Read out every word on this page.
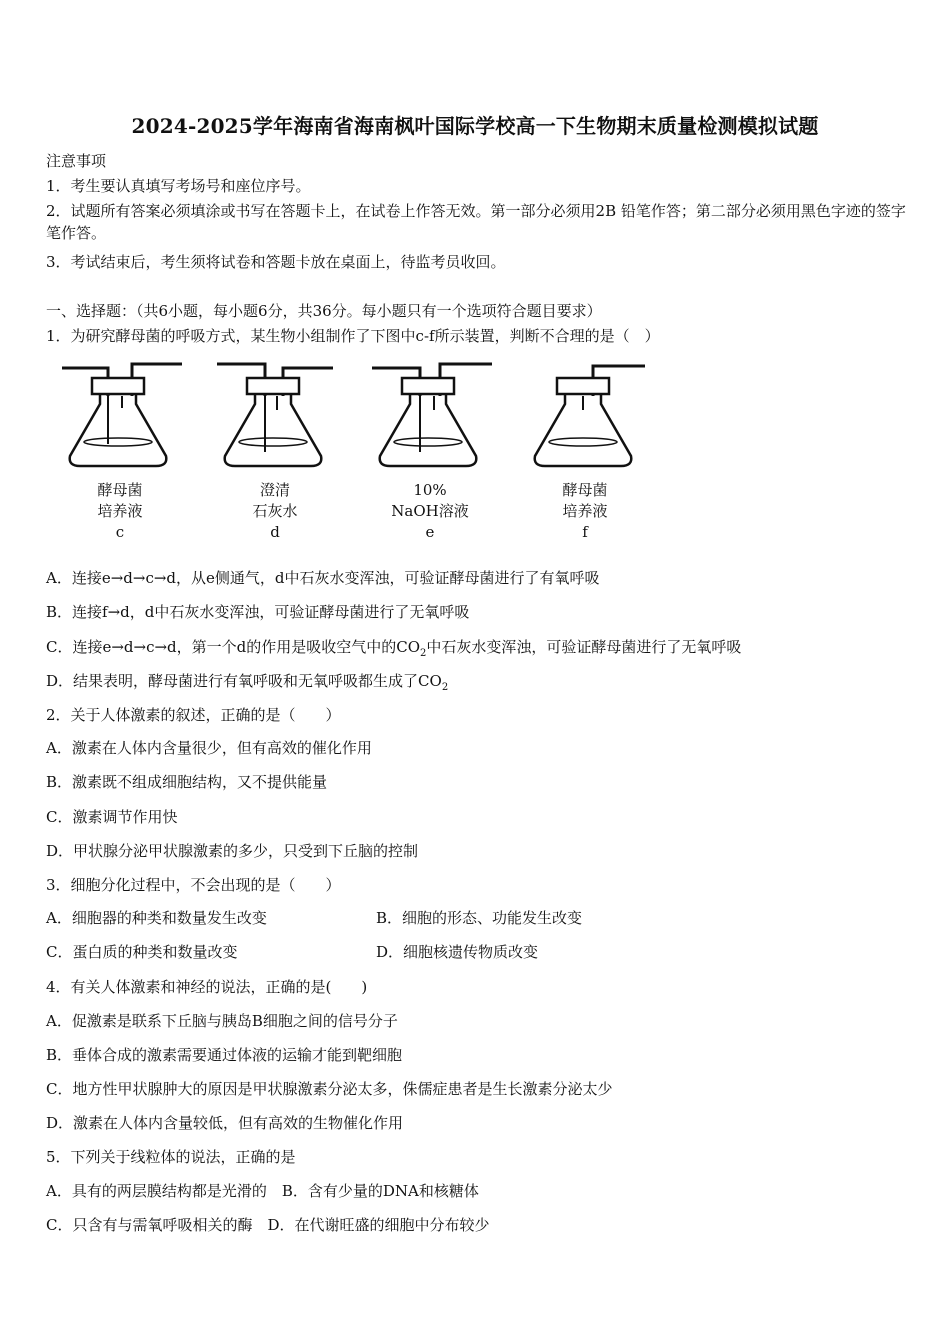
2024-2025学年海南省海南枫叶国际学校高一下生物期末质量检测模拟试题
注意事项
1．考生要认真填写考场号和座位序号。
2．试题所有答案必须填涂或书写在答题卡上，在试卷上作答无效。第一部分必须用2B 铅笔作答；第二部分必须用黑色字迹的签字笔作答。
3．考试结束后，考生须将试卷和答题卡放在桌面上，待监考员收回。
一、选择题：（共6小题，每小题6分，共36分。每小题只有一个选项符合题目要求）
1．为研究酵母菌的呼吸方式，某生物小组制作了下图中c-f所示装置，判断不合理的是（　）
酵母菌
培养液
c
澄清
石灰水
d
10%
NaOH溶液
e
酵母菌
培养液
f
A．连接e→d→c→d，从e侧通气，d中石灰水变浑浊，可验证酵母菌进行了有氧呼吸
B．连接f→d，d中石灰水变浑浊，可验证酵母菌进行了无氧呼吸
C．连接e→d→c→d，第一个d的作用是吸收空气中的$CO_2$中石灰水变浑浊，可验证酵母菌进行了无氧呼吸
D．结果表明，酵母菌进行有氧呼吸和无氧呼吸都生成了$CO_2$
2．关于人体激素的叙述，正确的是（　　）
A．激素在人体内含量很少，但有高效的催化作用
B．激素既不组成细胞结构，又不提供能量
C．激素调节作用快
D．甲状腺分泌甲状腺激素的多少，只受到下丘脑的控制
3．细胞分化过程中，不会出现的是（　　）
A．细胞器的种类和数量发生改变	B．细胞的形态、功能发生改变
C．蛋白质的种类和数量改变	D．细胞核遗传物质改变
4．有关人体激素和神经的说法，正确的是(　　)
A．促激素是联系下丘脑与胰岛B细胞之间的信号分子
B．垂体合成的激素需要通过体液的运输才能到靶细胞
C．地方性甲状腺肿大的原因是甲状腺激素分泌太多，侏儒症患者是生长激素分泌太少
D．激素在人体内含量较低，但有高效的生物催化作用
5．下列关于线粒体的说法，正确的是
A．具有的两层膜结构都是光滑的　B．含有少量的DNA和核糖体
C．只含有与需氧呼吸相关的酶　D．在代谢旺盛的细胞中分布较少
